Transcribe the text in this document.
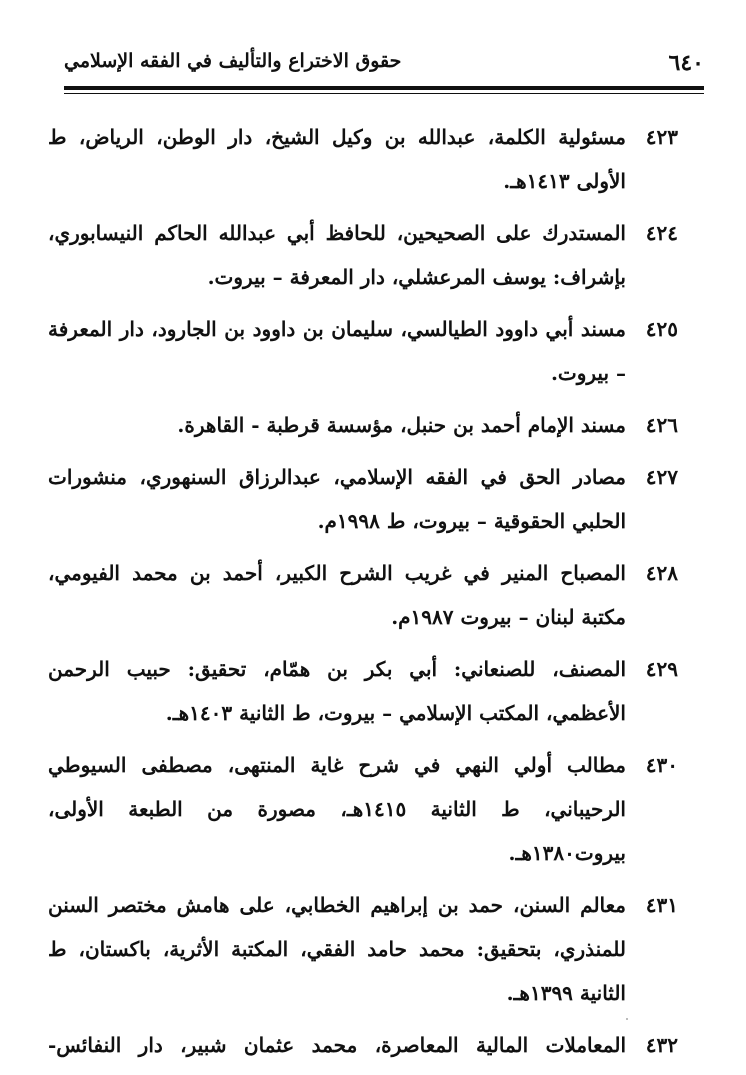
٦٤٠
حقوق الاختراع والتأليف في الفقه الإسلامي
٤٢٣
مسئولية الكلمة، عبدالله بن وكيل الشيخ، دار الوطن، الرياض، ط الأولى ١٤١٣هـ.
٤٢٤
المستدرك على الصحيحين، للحافظ أبي عبدالله الحاكم النيسابوري، بإشراف: يوسف المرعشلي، دار المعرفة – بيروت.
٤٢٥
مسند أبي داوود الطيالسي، سليمان بن داوود بن الجارود، دار المعرفة – بيروت.
٤٢٦
مسند الإمام أحمد بن حنبل، مؤسسة قرطبة - القاهرة.
٤٢٧
مصادر الحق في الفقه الإسلامي، عبدالرزاق السنهوري، منشورات الحلبي الحقوقية – بيروت، ط ١٩٩٨م.
٤٢٨
المصباح المنير في غريب الشرح الكبير، أحمد بن محمد الفيومي، مكتبة لبنان – بيروت ١٩٨٧م.
٤٢٩
المصنف، للصنعاني: أبي بكر بن همّام، تحقيق: حبيب الرحمن الأعظمي، المكتب الإسلامي – بيروت، ط الثانية ١٤٠٣هـ.
٤٣٠
مطالب أولي النهي في شرح غاية المنتهى، مصطفى السيوطي الرحيباني، ط الثانية ١٤١٥هـ، مصورة من الطبعة الأولى، بيروت١٣٨٠هـ.
٤٣١
معالم السنن، حمد بن إبراهيم الخطابي، على هامش مختصر السنن للمنذري، بتحقيق: محمد حامد الفقي، المكتبة الأثرية، باكستان، ط الثانية ١٣٩٩هـ.
٤٣٢
المعاملات المالية المعاصرة، محمد عثمان شبير، دار النفائس-
